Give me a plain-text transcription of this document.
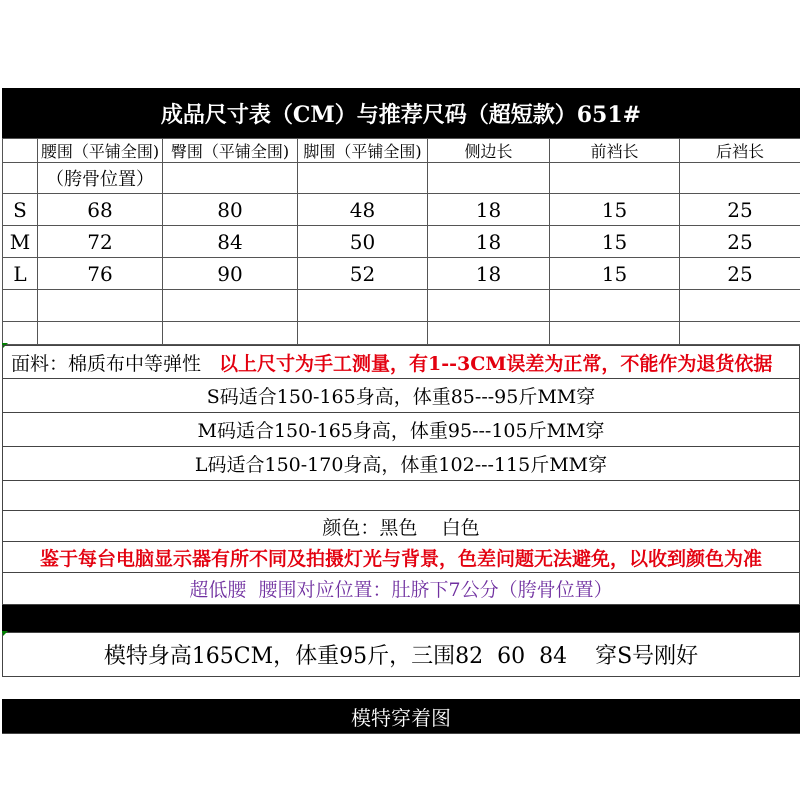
成品尺寸表（CM）与推荐尺码（超短款）651#
	腰围（平铺全围)	臀围（平铺全围)	脚围（平铺全围)	侧边长	前裆长	后裆长
	（胯骨位置）					
S	68	80	48	18	15	25
M	72	84	50	18	15	25
L	76	90	52	18	15	25

面料：棉质布中等弹性 以上尺寸为手工测量，有1--3CM误差为正常，不能作为退货依据
S码适合150-165身高，体重85---95斤MM穿
M码适合150-165身高，体重95---105斤MM穿
L码适合150-170身高，体重102---115斤MM穿
颜色：黑色    白色
鉴于每台电脑显示器有所不同及拍摄灯光与背景，色差问题无法避免，以收到颜色为准
超低腰  腰围对应位置：肚脐下7公分（胯骨位置）
模特身高165CM，体重95斤，三围82  60  84    穿S号刚好
模特穿着图
